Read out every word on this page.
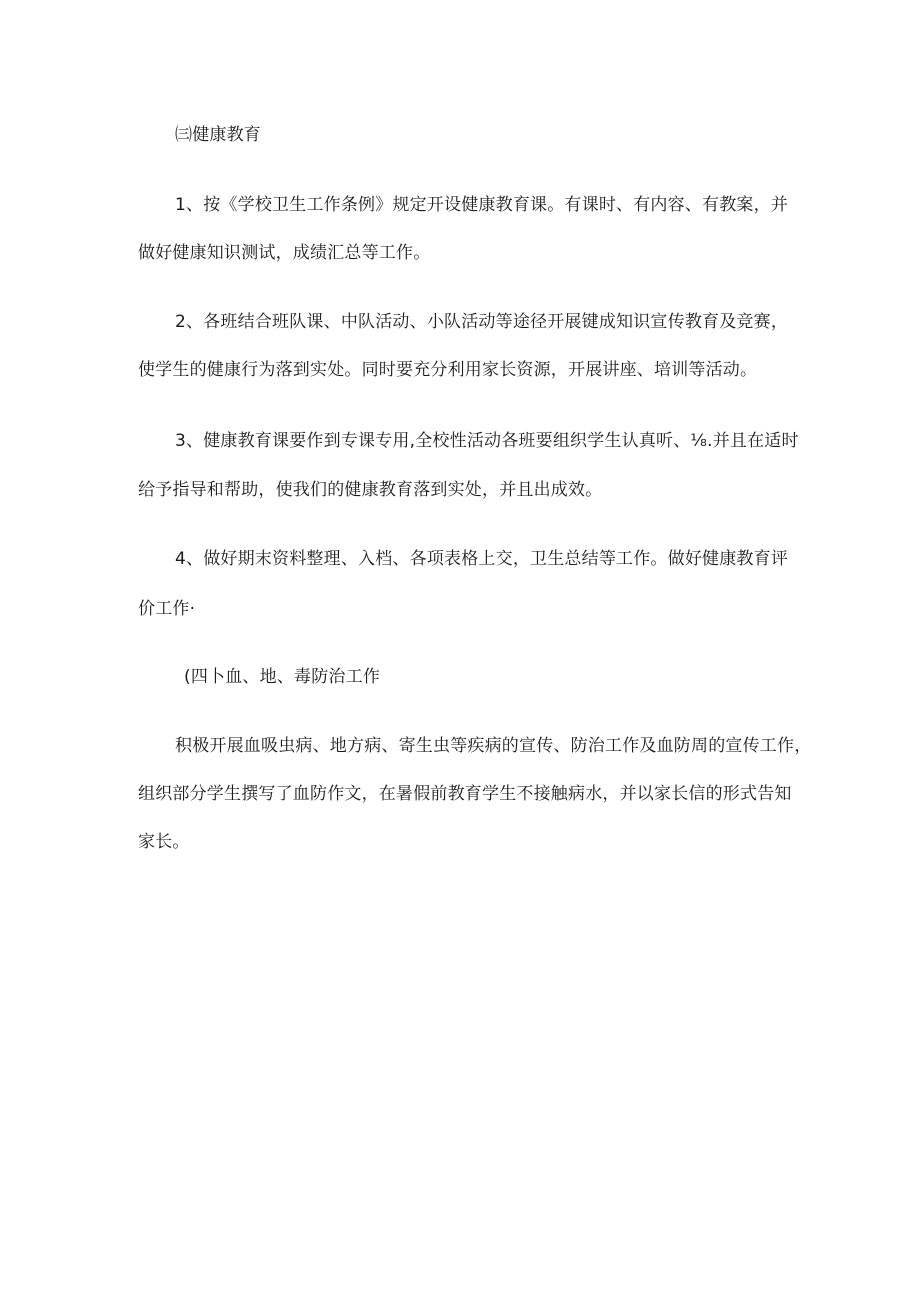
㈢健康教育
1、按《学校卫生工作条例》规定开设健康教育课。有课时、有内容、有教案，并
做好健康知识测试，成绩汇总等工作。
2、各班结合班队课、中队活动、小队活动等途径开展键成知识宣传教育及竞赛，
使学生的健康行为落到实处。同时要充分利用家长资源，开展讲座、培训等活动。
3、健康教育课要作到专课专用,全校性活动各班要组织学生认真听、⅛.并且在适时
给予指导和帮助，使我们的健康教育落到实处，并且出成效。
4、做好期末资料整理、入档、各项表格上交，卫生总结等工作。做好健康教育评
价工作·
(四卜血、地、毒防治工作
积极开展血吸虫病、地方病、寄生虫等疾病的宣传、防治工作及血防周的宣传工作，
组织部分学生撰写了血防作文，在暑假前教育学生不接触病水，并以家长信的形式告知
家长。
